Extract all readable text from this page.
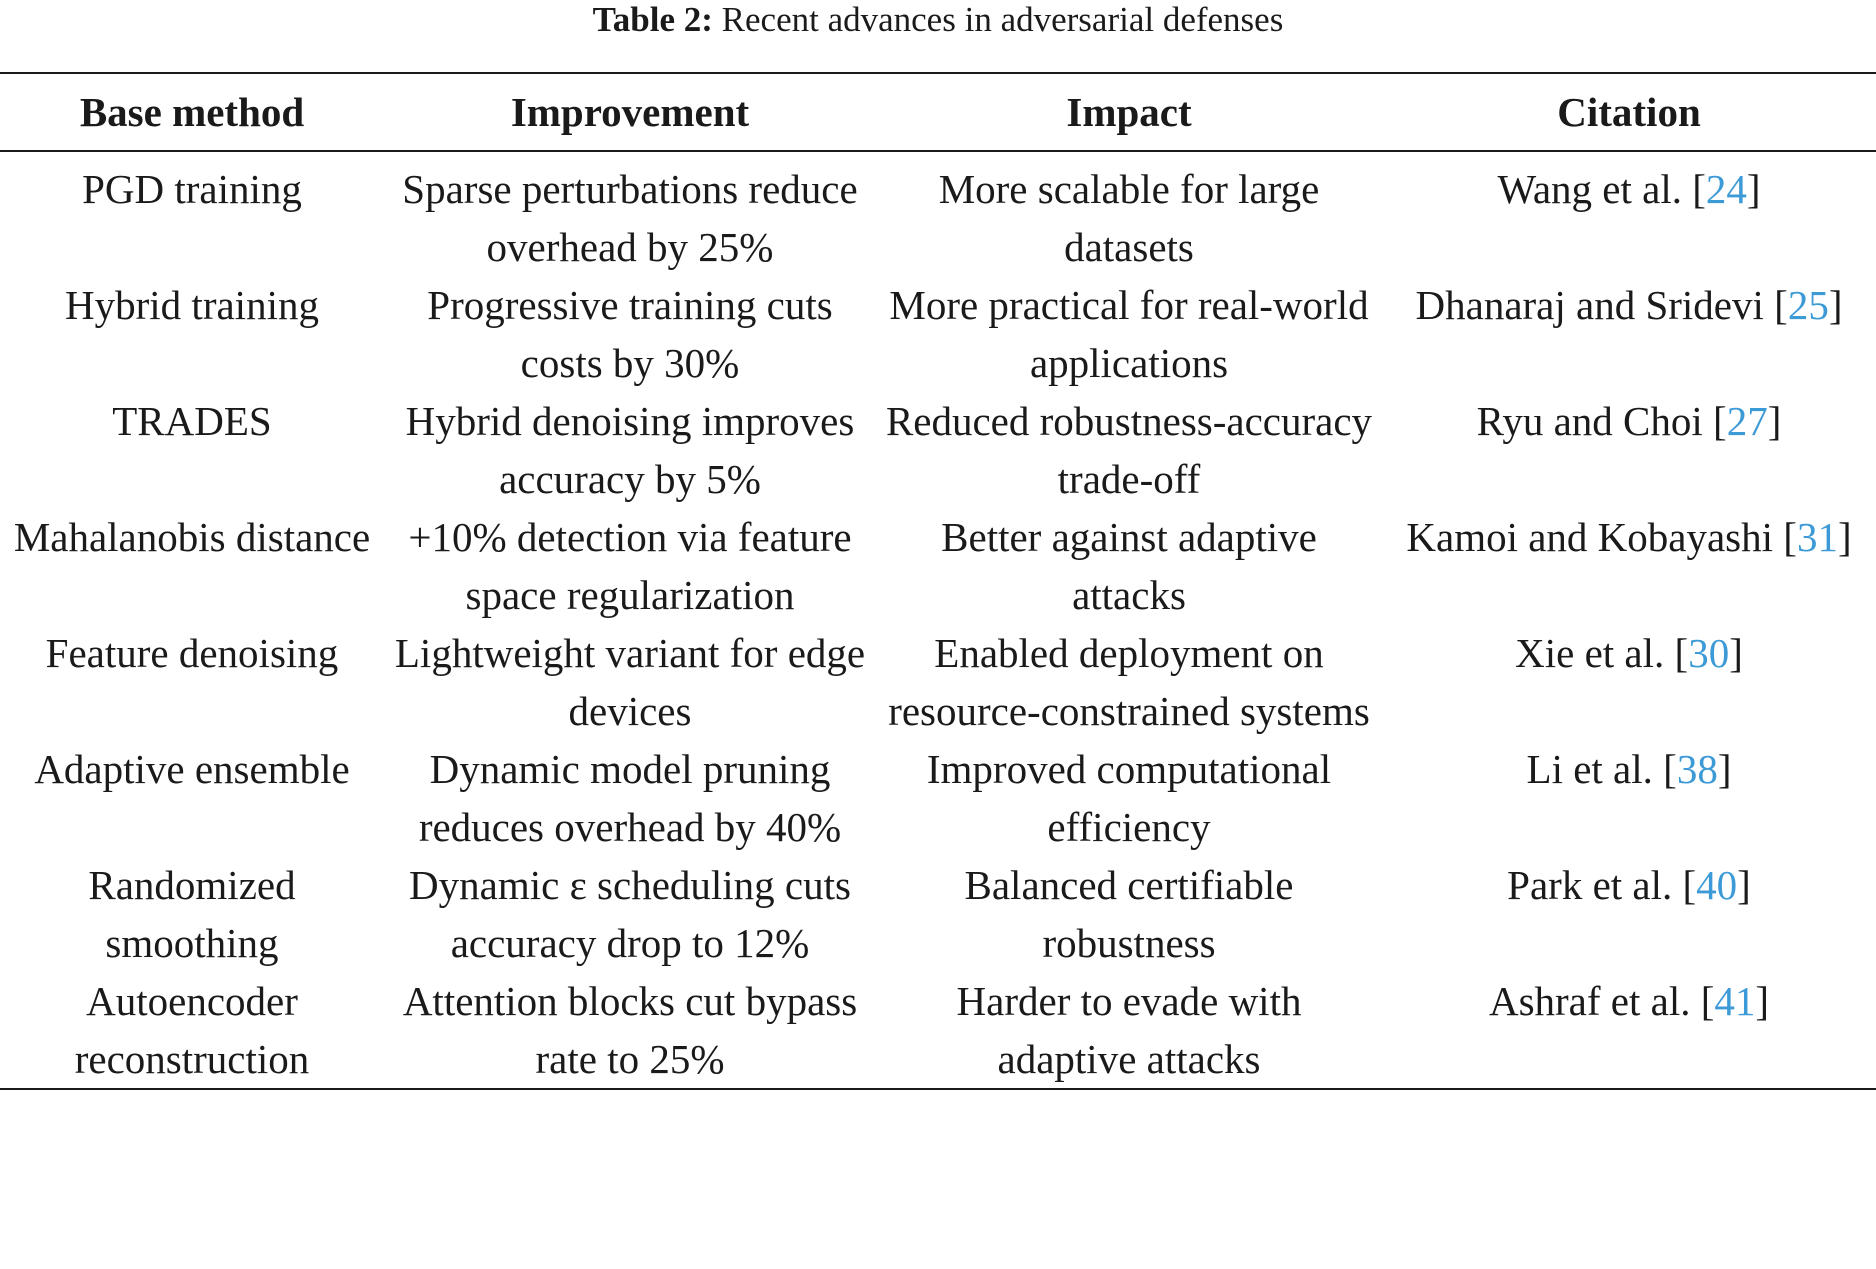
Table 2: Recent advances in adversarial defenses
Base method	Improvement	Impact	Citation
PGD training	Sparse perturbations reduce overhead by 25%	More scalable for large datasets	Wang et al. [24]
Hybrid training	Progressive training cuts costs by 30%	More practical for real-world applications	Dhanaraj and Sridevi [25]
TRADES	Hybrid denoising improves accuracy by 5%	Reduced robustness-accuracy trade-off	Ryu and Choi [27]
Mahalanobis distance	+10% detection via feature space regularization	Better against adaptive attacks	Kamoi and Kobayashi [31]
Feature denoising	Lightweight variant for edge devices	Enabled deployment on resource-constrained systems	Xie et al. [30]
Adaptive ensemble	Dynamic model pruning reduces overhead by 40%	Improved computational efficiency	Li et al. [38]
Randomized smoothing	Dynamic ε scheduling cuts accuracy drop to 12%	Balanced certifiable robustness	Park et al. [40]
Autoencoder reconstruction	Attention blocks cut bypass rate to 25%	Harder to evade with adaptive attacks	Ashraf et al. [41]
